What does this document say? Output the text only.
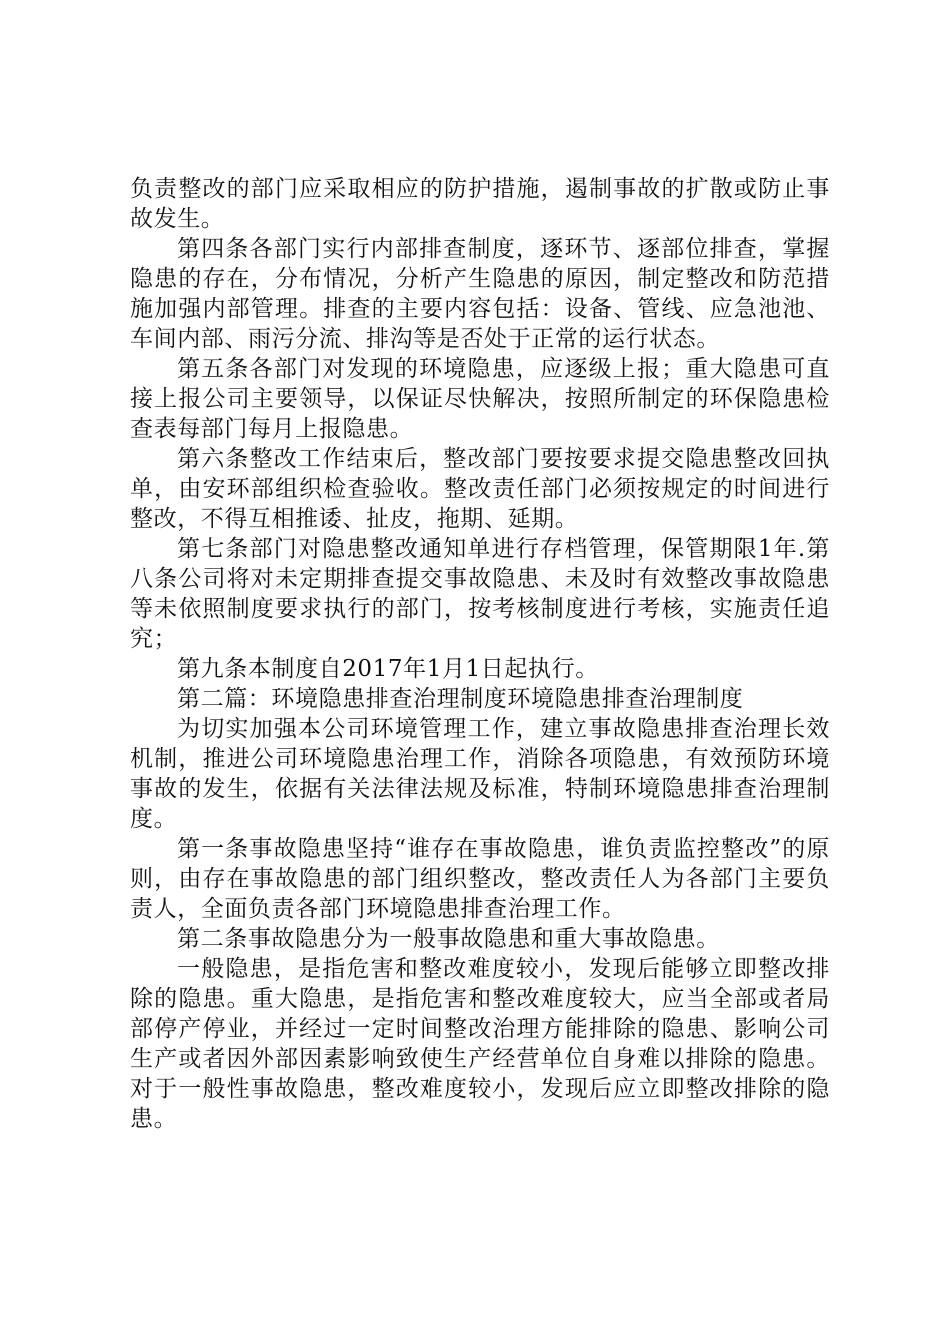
负责整改的部门应采取相应的防护措施，遏制事故的扩散或防止事故发生。

第四条各部门实行内部排查制度，逐环节、逐部位排查，掌握隐患的存在，分布情况，分析产生隐患的原因，制定整改和防范措施加强内部管理。排查的主要内容包括：设备、管线、应急池池、车间内部、雨污分流、排沟等是否处于正常的运行状态。

第五条各部门对发现的环境隐患，应逐级上报；重大隐患可直接上报公司主要领导，以保证尽快解决，按照所制定的环保隐患检查表每部门每月上报隐患。

第六条整改工作结束后，整改部门要按要求提交隐患整改回执单，由安环部组织检查验收。整改责任部门必须按规定的时间进行整改，不得互相推诿、扯皮，拖期、延期。

第七条部门对隐患整改通知单进行存档管理，保管期限1年.第八条公司将对未定期排查提交事故隐患、未及时有效整改事故隐患等未依照制度要求执行的部门，按考核制度进行考核，实施责任追究；

第九条本制度自2017年1月1日起执行。

第二篇：环境隐患排查治理制度环境隐患排查治理制度

为切实加强本公司环境管理工作，建立事故隐患排查治理长效机制，推进公司环境隐患治理工作，消除各项隐患，有效预防环境事故的发生，依据有关法律法规及标准，特制环境隐患排查治理制度。

第一条事故隐患坚持“谁存在事故隐患，谁负责监控整改”的原则，由存在事故隐患的部门组织整改，整改责任人为各部门主要负责人，全面负责各部门环境隐患排查治理工作。

第二条事故隐患分为一般事故隐患和重大事故隐患。

一般隐患，是指危害和整改难度较小，发现后能够立即整改排除的隐患。重大隐患，是指危害和整改难度较大，应当全部或者局部停产停业，并经过一定时间整改治理方能排除的隐患、影响公司生产或者因外部因素影响致使生产经营单位自身难以排除的隐患。对于一般性事故隐患，整改难度较小，发现后应立即整改排除的隐患。
